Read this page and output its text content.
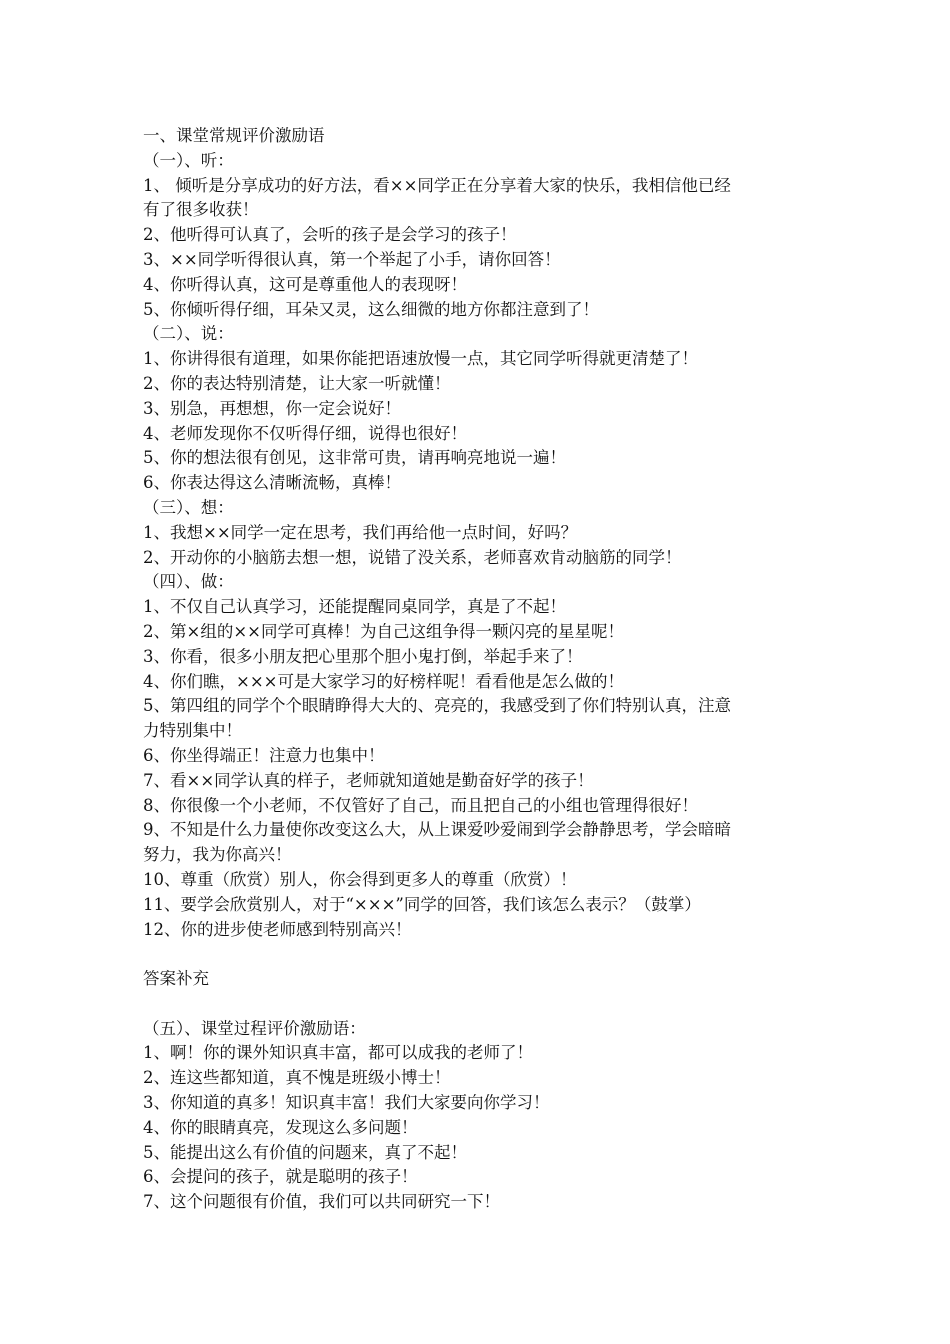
一、课堂常规评价激励语
（一）、听：
1、 倾听是分享成功的好方法，看××同学正在分享着大家的快乐，我相信他已经
有了很多收获！
2、他听得可认真了，会听的孩子是会学习的孩子！
3、××同学听得很认真，第一个举起了小手，请你回答！
4、你听得认真，这可是尊重他人的表现呀！
5、你倾听得仔细，耳朵又灵，这么细微的地方你都注意到了！
（二）、说：
1、你讲得很有道理，如果你能把语速放慢一点，其它同学听得就更清楚了！
2、你的表达特别清楚，让大家一听就懂！
3、别急，再想想，你一定会说好！
4、老师发现你不仅听得仔细，说得也很好！
5、你的想法很有创见，这非常可贵，请再响亮地说一遍！
6、你表达得这么清晰流畅，真棒！
（三）、想：
1、我想××同学一定在思考，我们再给他一点时间，好吗？
2、开动你的小脑筋去想一想，说错了没关系，老师喜欢肯动脑筋的同学！
（四）、做：
1、不仅自己认真学习，还能提醒同桌同学，真是了不起！
2、第×组的××同学可真棒！为自己这组争得一颗闪亮的星星呢！
3、你看，很多小朋友把心里那个胆小鬼打倒，举起手来了！
4、你们瞧，×××可是大家学习的好榜样呢！看看他是怎么做的！
5、第四组的同学个个眼睛睁得大大的、亮亮的，我感受到了你们特别认真，注意
力特别集中！
6、你坐得端正！注意力也集中！
7、看××同学认真的样子，老师就知道她是勤奋好学的孩子！
8、你很像一个小老师，不仅管好了自己，而且把自己的小组也管理得很好！
9、不知是什么力量使你改变这么大，从上课爱吵爱闹到学会静静思考，学会暗暗
努力，我为你高兴！
10、尊重（欣赏）别人，你会得到更多人的尊重（欣赏）！
11、要学会欣赏别人，对于“×××”同学的回答，我们该怎么表示？（鼓掌）
12、你的进步使老师感到特别高兴！
答案补充
（五）、课堂过程评价激励语：
1、啊！你的课外知识真丰富，都可以成我的老师了！
2、连这些都知道，真不愧是班级小博士！
3、你知道的真多！知识真丰富！我们大家要向你学习！
4、你的眼睛真亮，发现这么多问题！
5、能提出这么有价值的问题来，真了不起！
6、会提问的孩子，就是聪明的孩子！
7、这个问题很有价值，我们可以共同研究一下！
